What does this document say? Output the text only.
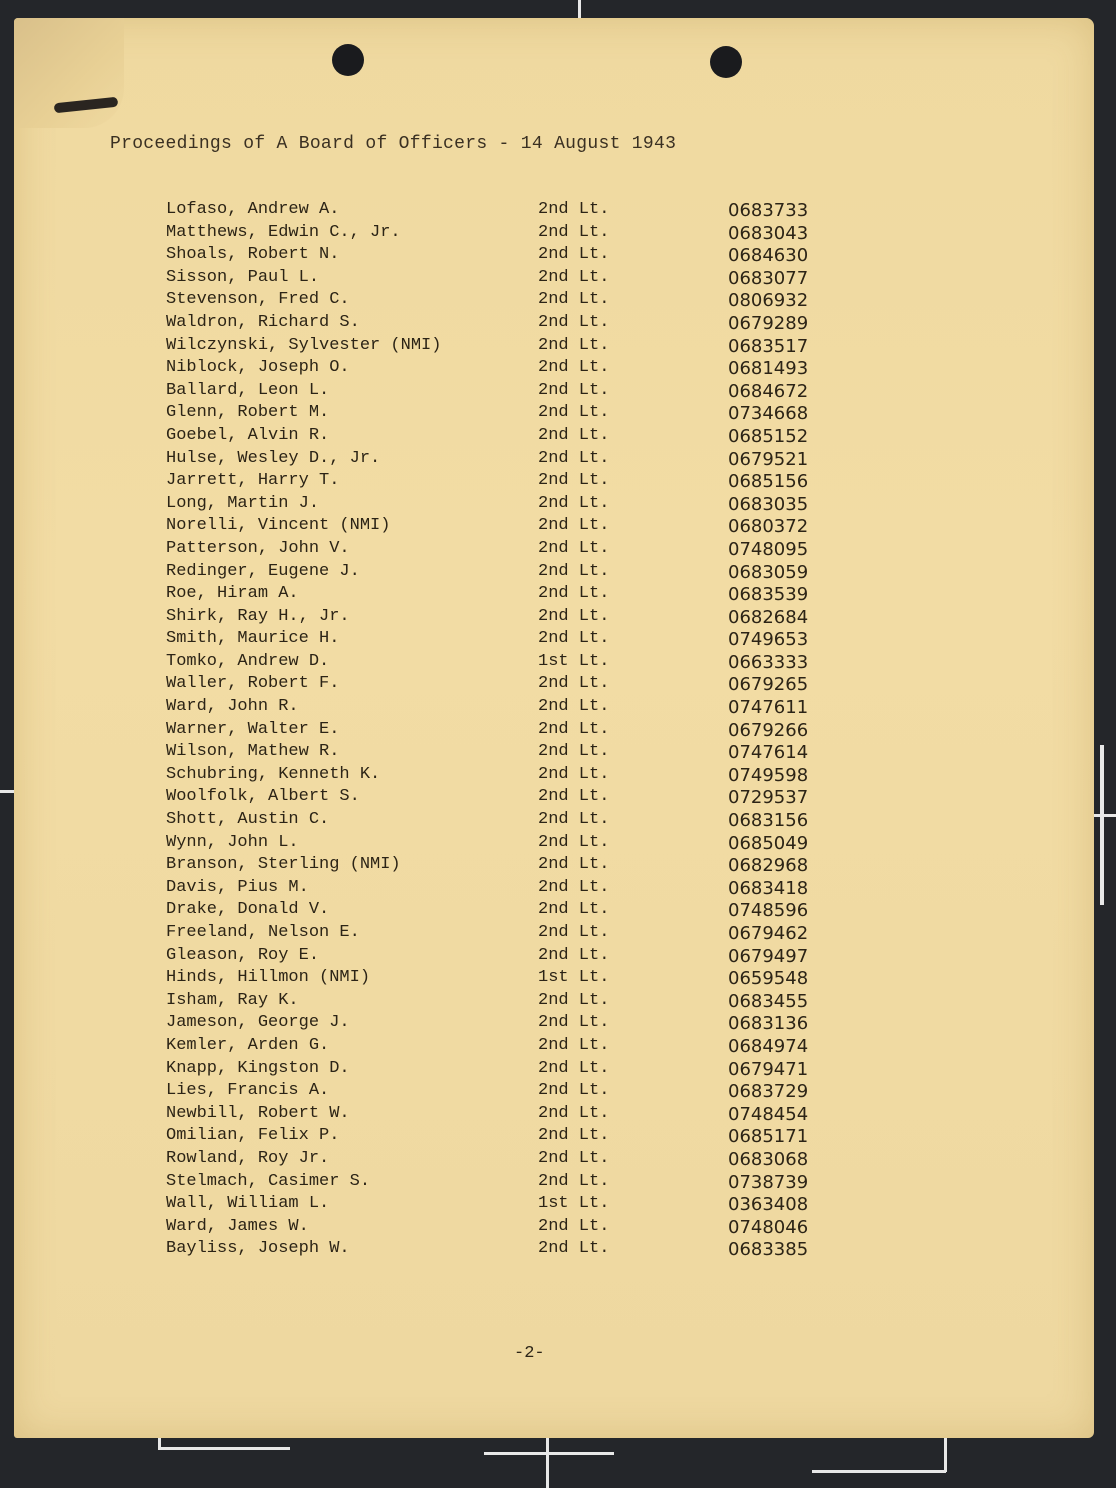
Proceedings of A Board of Officers - 14 August 1943
Lofaso, Andrew A.	2nd Lt.	0683733
Matthews, Edwin C., Jr.	2nd Lt.	0683043
Shoals, Robert N.	2nd Lt.	0684630
Sisson, Paul L.	2nd Lt.	0683077
Stevenson, Fred C.	2nd Lt.	0806932
Waldron, Richard S.	2nd Lt.	0679289
Wilczynski, Sylvester (NMI)	2nd Lt.	0683517
Niblock, Joseph O.	2nd Lt.	0681493
Ballard, Leon L.	2nd Lt.	0684672
Glenn, Robert M.	2nd Lt.	0734668
Goebel, Alvin R.	2nd Lt.	0685152
Hulse, Wesley D., Jr.	2nd Lt.	0679521
Jarrett, Harry T.	2nd Lt.	0685156
Long, Martin J.	2nd Lt.	0683035
Norelli, Vincent (NMI)	2nd Lt.	0680372
Patterson, John V.	2nd Lt.	0748095
Redinger, Eugene J.	2nd Lt.	0683059
Roe, Hiram A.	2nd Lt.	0683539
Shirk, Ray H., Jr.	2nd Lt.	0682684
Smith, Maurice H.	2nd Lt.	0749653
Tomko, Andrew D.	1st Lt.	0663333
Waller, Robert F.	2nd Lt.	0679265
Ward, John R.	2nd Lt.	0747611
Warner, Walter E.	2nd Lt.	0679266
Wilson, Mathew R.	2nd Lt.	0747614
Schubring, Kenneth K.	2nd Lt.	0749598
Woolfolk, Albert S.	2nd Lt.	0729537
Shott, Austin C.	2nd Lt.	0683156
Wynn, John L.	2nd Lt.	0685049
Branson, Sterling (NMI)	2nd Lt.	0682968
Davis, Pius M.	2nd Lt.	0683418
Drake, Donald V.	2nd Lt.	0748596
Freeland, Nelson E.	2nd Lt.	0679462
Gleason, Roy E.	2nd Lt.	0679497
Hinds, Hillmon (NMI)	1st Lt.	0659548
Isham, Ray K.	2nd Lt.	0683455
Jameson, George J.	2nd Lt.	0683136
Kemler, Arden G.	2nd Lt.	0684974
Knapp, Kingston D.	2nd Lt.	0679471
Lies, Francis A.	2nd Lt.	0683729
Newbill, Robert W.	2nd Lt.	0748454
Omilian, Felix P.	2nd Lt.	0685171
Rowland, Roy Jr.	2nd Lt.	0683068
Stelmach, Casimer S.	2nd Lt.	0738739
Wall, William L.	1st Lt.	0363408
Ward, James W.	2nd Lt.	0748046
Bayliss, Joseph W.	2nd Lt.	0683385
-2-
